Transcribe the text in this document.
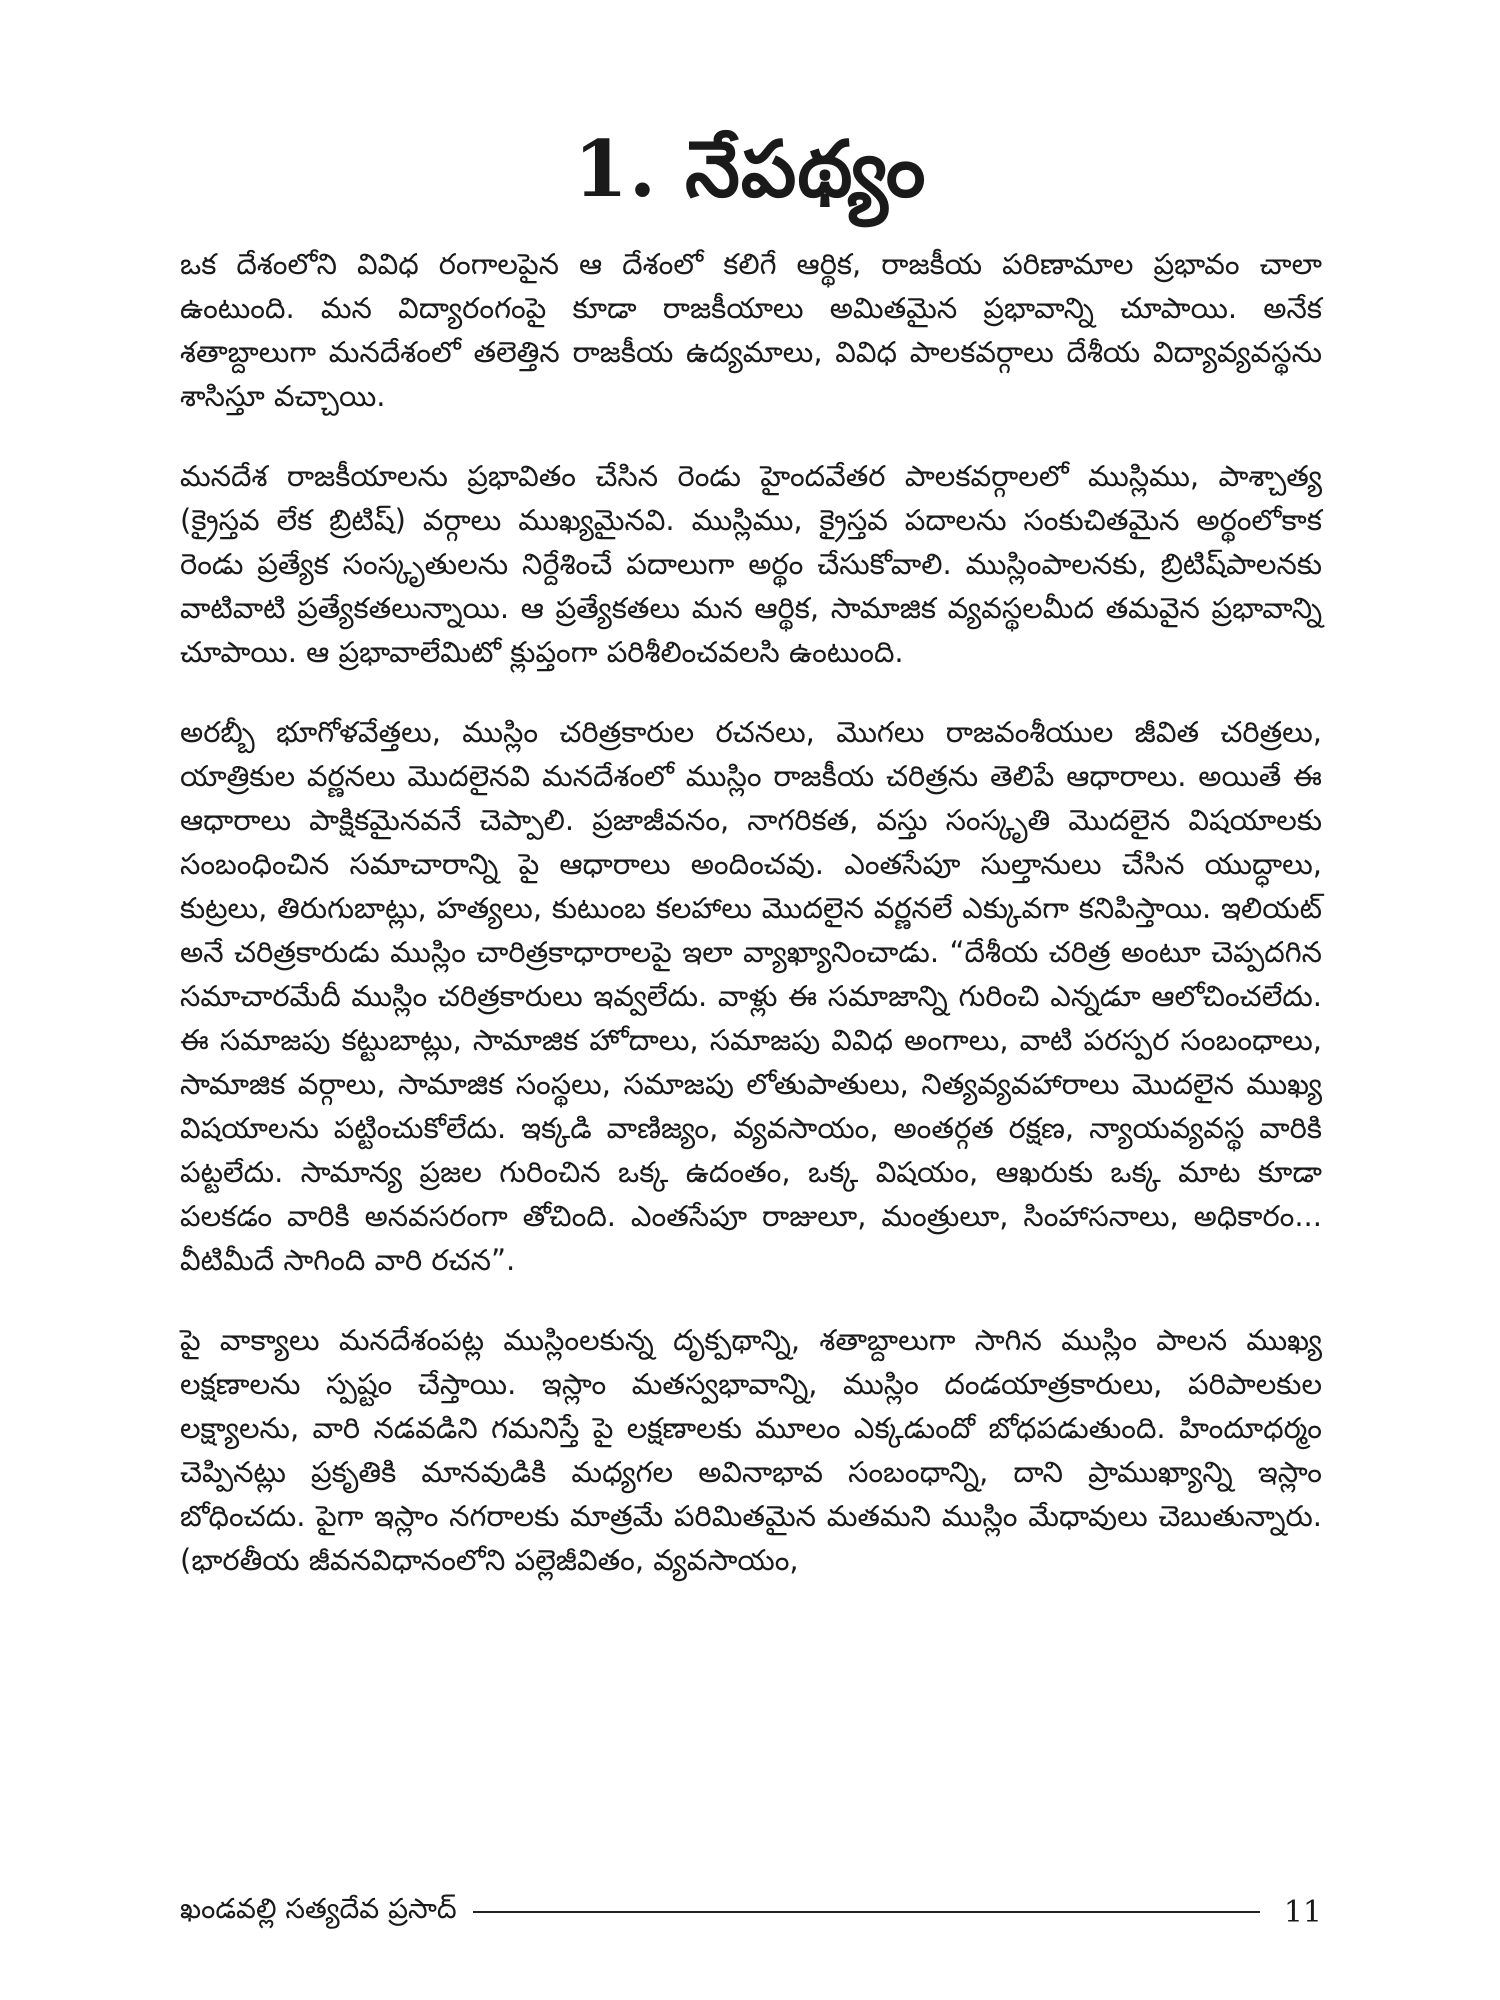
1. నేపథ్యం

ఒక దేశంలోని వివిధ రంగాలపైన ఆ దేశంలో కలిగే ఆర్థిక, రాజకీయ పరిణామాల ప్రభావం చాలా ఉంటుంది. మన విద్యారంగంపై కూడా రాజకీయాలు అమితమైన ప్రభావాన్ని చూపాయి. అనేక శతాబ్దాలుగా మనదేశంలో తలెత్తిన రాజకీయ ఉద్యమాలు, వివిధ పాలకవర్గాలు దేశీయ విద్యావ్యవస్థను శాసిస్తూ వచ్చాయి.

మనదేశ రాజకీయాలను ప్రభావితం చేసిన రెండు హైందవేతర పాలకవర్గాలలో ముస్లిము, పాశ్చాత్య (క్రైస్తవ లేక బ్రిటిష్) వర్గాలు ముఖ్యమైనవి. ముస్లిము, క్రైస్తవ పదాలను సంకుచితమైన అర్థంలోకాక రెండు ప్రత్యేక సంస్కృతులను నిర్దేశించే పదాలుగా అర్థం చేసుకోవాలి. ముస్లింపాలనకు, బ్రిటిష్‌పాలనకు వాటివాటి ప్రత్యేకతలున్నాయి. ఆ ప్రత్యేకతలు మన ఆర్థిక, సామాజిక వ్యవస్థలమీద తమవైన ప్రభావాన్ని చూపాయి. ఆ ప్రభావాలేమిటో క్లుప్తంగా పరిశీలించవలసి ఉంటుంది.

అరబ్బీ భూగోళవేత్తలు, ముస్లిం చరిత్రకారుల రచనలు, మొగలు రాజవంశీయుల జీవిత చరిత్రలు, యాత్రికుల వర్ణనలు మొదలైనవి మనదేశంలో ముస్లిం రాజకీయ చరిత్రను తెలిపే ఆధారాలు. అయితే ఈ ఆధారాలు పాక్షికమైనవనే చెప్పాలి. ప్రజాజీవనం, నాగరికత, వస్తు సంస్కృతి మొదలైన విషయాలకు సంబంధించిన సమాచారాన్ని పై ఆధారాలు అందించవు. ఎంతసేపూ సుల్తానులు చేసిన యుద్ధాలు, కుట్రలు, తిరుగుబాట్లు, హత్యలు, కుటుంబ కలహాలు మొదలైన వర్ణనలే ఎక్కువగా కనిపిస్తాయి. ఇలియట్ అనే చరిత్రకారుడు ముస్లిం చారిత్రకాధారాలపై ఇలా వ్యాఖ్యానించాడు. “దేశీయ చరిత్ర అంటూ చెప్పదగిన సమాచారమేదీ ముస్లిం చరిత్రకారులు ఇవ్వలేదు. వాళ్లు ఈ సమాజాన్ని గురించి ఎన్నడూ ఆలోచించలేదు. ఈ సమాజపు కట్టుబాట్లు, సామాజిక హోదాలు, సమాజపు వివిధ అంగాలు, వాటి పరస్పర సంబంధాలు, సామాజిక వర్గాలు, సామాజిక సంస్థలు, సమాజపు లోతుపాతులు, నిత్యవ్యవహారాలు మొదలైన ముఖ్య విషయాలను పట్టించుకోలేదు. ఇక్కడి వాణిజ్యం, వ్యవసాయం, అంతర్గత రక్షణ, న్యాయవ్యవస్థ వారికి పట్టలేదు. సామాన్య ప్రజల గురించిన ఒక్క ఉదంతం, ఒక్క విషయం, ఆఖరుకు ఒక్క మాట కూడా పలకడం వారికి అనవసరంగా తోచింది. ఎంతసేపూ రాజులూ, మంత్రులూ, సింహాసనాలు, అధికారం... వీటిమీదే సాగింది వారి రచన”.

పై వాక్యాలు మనదేశంపట్ల ముస్లింలకున్న దృక్పథాన్ని, శతాబ్దాలుగా సాగిన ముస్లిం పాలన ముఖ్య లక్షణాలను స్పష్టం చేస్తాయి. ఇస్లాం మతస్వభావాన్ని, ముస్లిం దండయాత్రకారులు, పరిపాలకుల లక్ష్యాలను, వారి నడవడిని గమనిస్తే పై లక్షణాలకు మూలం ఎక్కడుందో బోధపడుతుంది. హిందూధర్మం చెప్పినట్లు ప్రకృతికి మానవుడికి మధ్యగల అవినాభావ సంబంధాన్ని, దాని ప్రాముఖ్యాన్ని ఇస్లాం బోధించదు. పైగా ఇస్లాం నగరాలకు మాత్రమే పరిమితమైన మతమని ముస్లిం మేధావులు చెబుతున్నారు. (భారతీయ జీవనవిధానంలోని పల్లెజీవితం, వ్యవసాయం,

ఖండవల్లి సత్యదేవ ప్రసాద్	11
